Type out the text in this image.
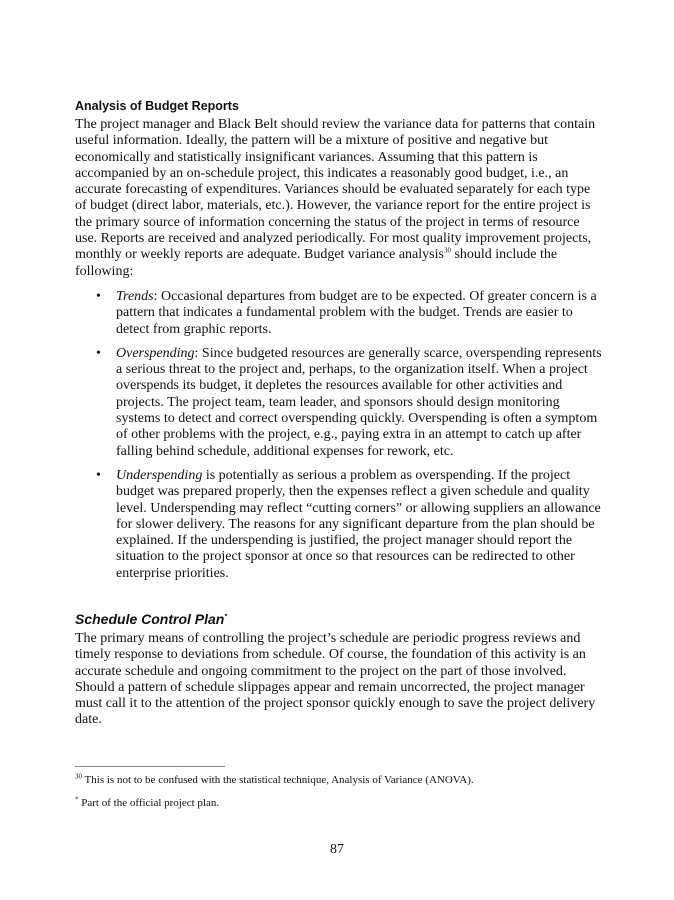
Analysis of Budget Reports

The project manager and Black Belt should review the variance data for patterns that contain useful information. Ideally, the pattern will be a mixture of positive and negative but economically and statistically insignificant variances. Assuming that this pattern is accompanied by an on-schedule project, this indicates a reasonably good budget, i.e., an accurate forecasting of expenditures. Variances should be evaluated separately for each type of budget (direct labor, materials, etc.). However, the variance report for the entire project is the primary source of information concerning the status of the project in terms of resource use. Reports are received and analyzed periodically. For most quality improvement projects, monthly or weekly reports are adequate. Budget variance analysis$^{30}$ should include the following:

• Trends: Occasional departures from budget are to be expected. Of greater concern is a pattern that indicates a fundamental problem with the budget. Trends are easier to detect from graphic reports.
• Overspending: Since budgeted resources are generally scarce, overspending represents a serious threat to the project and, perhaps, to the organization itself. When a project overspends its budget, it depletes the resources available for other activities and projects. The project team, team leader, and sponsors should design monitoring systems to detect and correct overspending quickly. Overspending is often a symptom of other problems with the project, e.g., paying extra in an attempt to catch up after falling behind schedule, additional expenses for rework, etc.
• Underspending is potentially as serious a problem as overspending. If the project budget was prepared properly, then the expenses reflect a given schedule and quality level. Underspending may reflect “cutting corners” or allowing suppliers an allowance for slower delivery. The reasons for any significant departure from the plan should be explained. If the underspending is justified, the project manager should report the situation to the project sponsor at once so that resources can be redirected to other enterprise priorities.

Schedule Control Plan*

The primary means of controlling the project’s schedule are periodic progress reviews and timely response to deviations from schedule. Of course, the foundation of this activity is an accurate schedule and ongoing commitment to the project on the part of those involved. Should a pattern of schedule slippages appear and remain uncorrected, the project manager must call it to the attention of the project sponsor quickly enough to save the project delivery date.

$^{30}$ This is not to be confused with the statistical technique, Analysis of Variance (ANOVA).
* Part of the official project plan.
87
